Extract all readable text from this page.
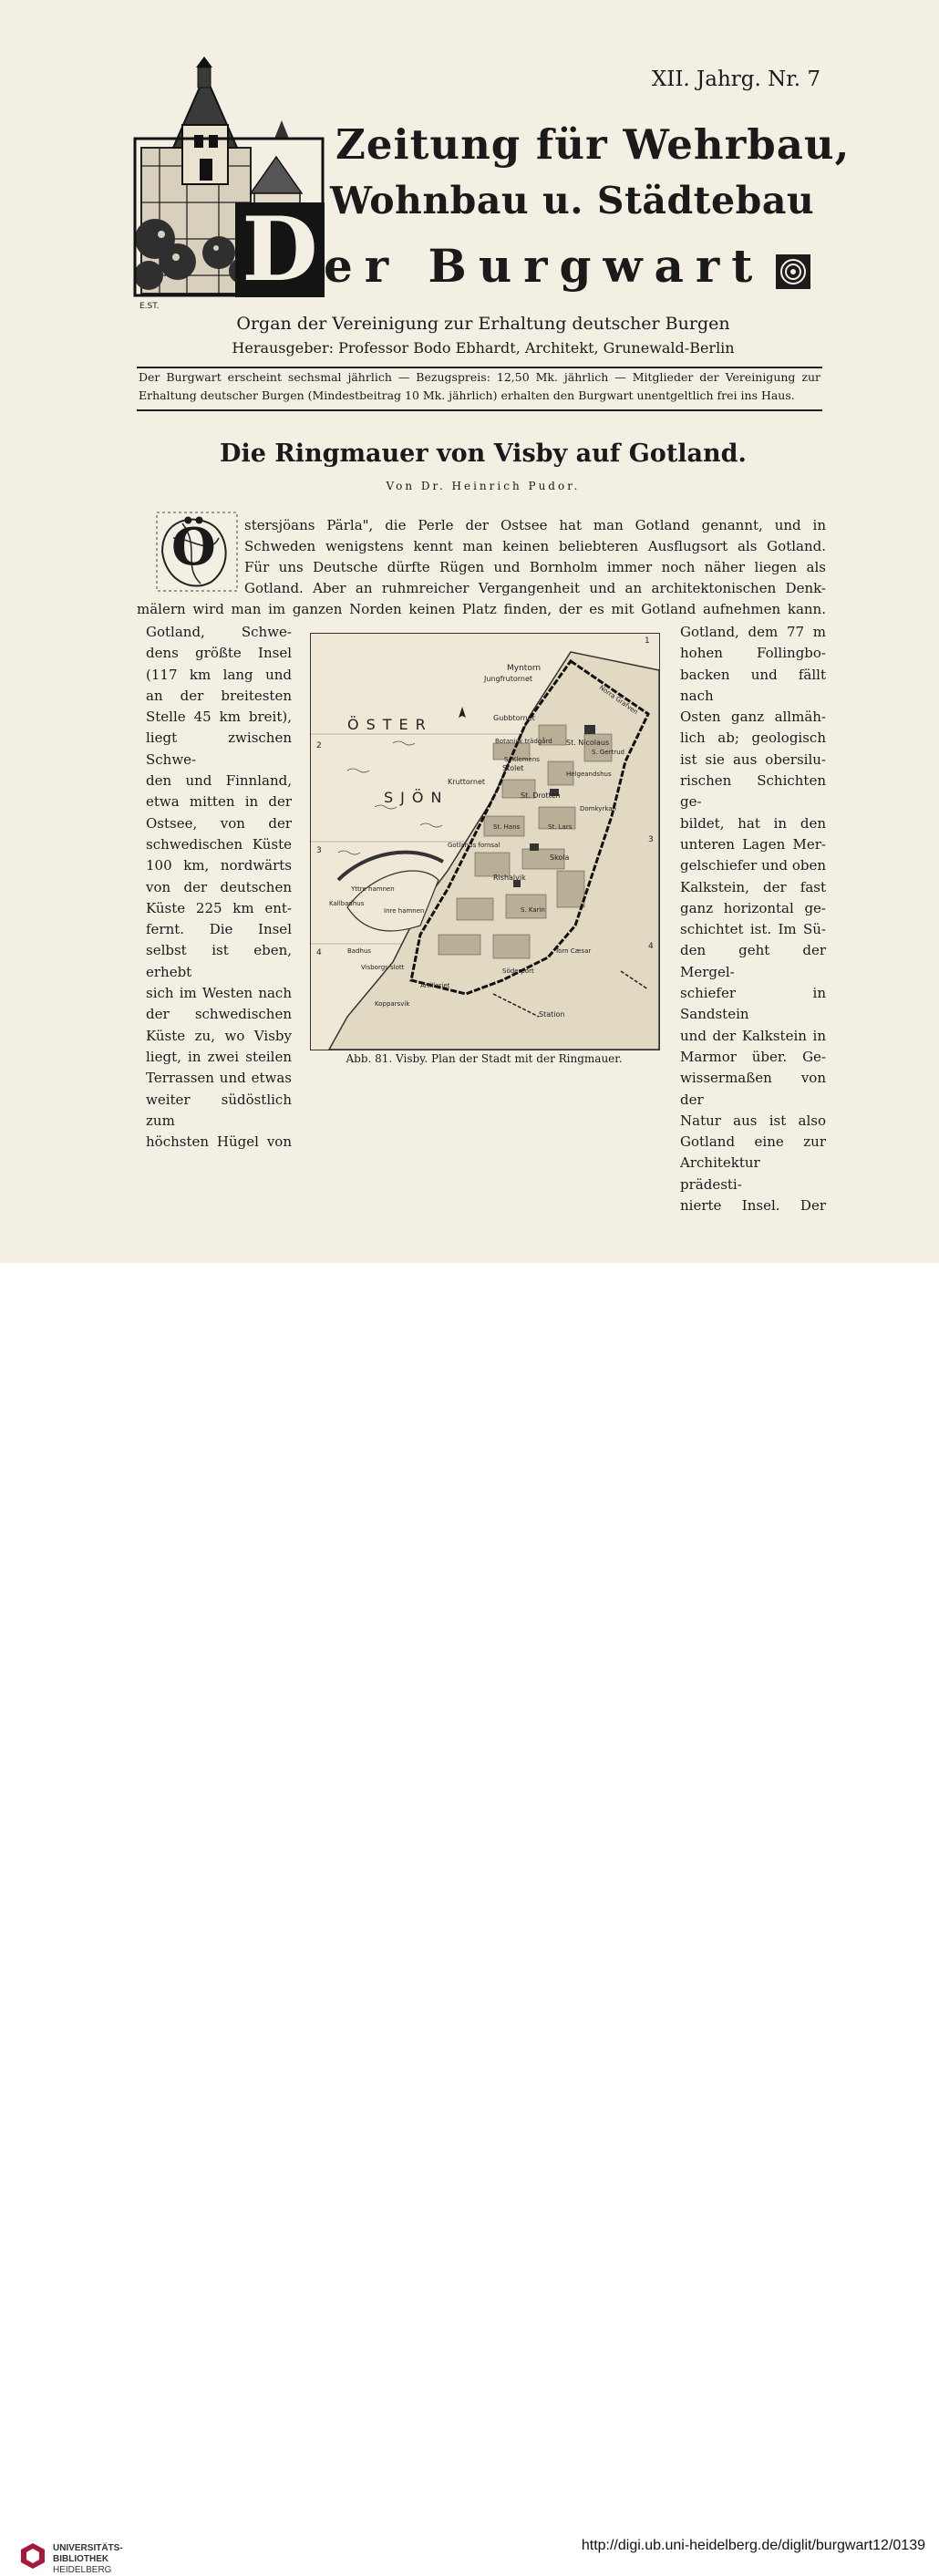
E.ST.
XII. Jahrg. Nr. 7
Zeitung für Wehrbau,
Wohnbau u. Städtebau
D er Burgwart
Organ der Vereinigung zur Erhaltung deutscher Burgen
Herausgeber: Professor Bodo Ebhardt, Architekt, Grunewald-Berlin
Der Burgwart erscheint sechsmal jährlich — Bezugspreis: 12,50 Mk. jährlich — Mitglieder der Vereinigung zur
Erhaltung deutscher Burgen (Mindestbeitrag 10 Mk. jährlich) erhalten den Burgwart unentgeltlich frei ins Haus.
Die Ringmauer von Visby auf Gotland.
Von Dr. Heinrich Pudor.
Ö stersjöans Pärla", die Perle der Ostsee hat man Gotland genannt, und in
Schweden wenigstens kennt man keinen beliebteren Ausflugsort als Gotland.
Für uns Deutsche dürfte Rügen und Bornholm immer noch näher liegen als
Gotland. Aber an ruhmreicher Vergangenheit und an architektonischen Denk-
mälern wird man im ganzen Norden keinen Platz finden, der es mit Gotland aufnehmen kann.
Gotland, Schwe-
dens größte Insel
(117 km lang und
an der breitesten
Stelle 45 km breit),
liegt zwischen Schwe-
den und Finnland,
etwa mitten in der
Ostsee, von der
schwedischen Küste
100 km, nordwärts
von der deutschen
Küste 225 km ent-
fernt. Die Insel
selbst ist eben, erhebt
sich im Westen nach
der schwedischen
Küste zu, wo Visby
liegt, in zwei steilen
Terrassen und etwas
weiter südöstlich zum
höchsten Hügel von
Gotland, dem 77 m
hohen Follingbo-
backen und fällt nach
Osten ganz allmäh-
lich ab; geologisch
ist sie aus obersilu-
rischen Schichten ge-
bildet, hat in den
unteren Lagen Mer-
gelschiefer und oben
Kalkstein, der fast
ganz horizontal ge-
schichtet ist. Im Sü-
den geht der Mergel-
schiefer in Sandstein
und der Kalkstein in
Marmor über. Ge-
wissermaßen von der
Natur aus ist also
Gotland eine zur
Architektur prädesti-
nierte Insel. Der
Myntorn
Jungfrutornet
Gubbtornet
ÖSTER
SJÖN
Botanisk trädgård St. Nicolaus
S. Klemens
S. Gertrud
Stolet
Helgeandshus
Kruttornet
St. Drotten
Domkyrkan
St. Hans	St. Lars
Gotlands fornsal
Skola
Rishalvik
Yttre hamnen
Inre hamnen
Kallbadhus
Badhus
Visborgs slott
Artilleriet
S. Karin
Torn Cæsar
Söderport
Station
Kopparsvik
Norra Grafven
1
2
3
4
3
4
Abb. 81. Visby. Plan der Stadt mit der Ringmauer.
UNIVERSITÄTS-
BIBLIOTHEK
HEIDELBERG
http://digi.ub.uni-heidelberg.de/diglit/burgwart12/0139
